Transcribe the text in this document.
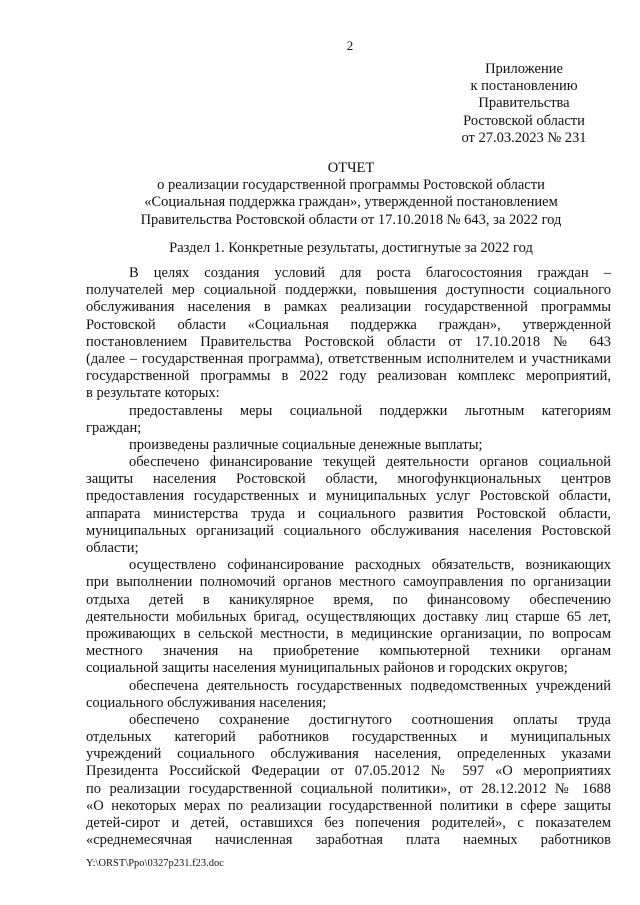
2
Приложение
к постановлению
Правительства
Ростовской области
от 27.03.2023 № 231
ОТЧЕТ
о реализации государственной программы Ростовской области
«Социальная поддержка граждан», утвержденной постановлением
Правительства Ростовской области от 17.10.2018 № 643, за 2022 год
Раздел 1. Конкретные результаты, достигнутые за 2022 год
В целях создания условий для роста благосостояния граждан –
получателей мер социальной поддержки, повышения доступности социального
обслуживания населения в рамках реализации государственной программы
Ростовской области «Социальная поддержка граждан», утвержденной
постановлением Правительства Ростовской области от 17.10.2018 № 643
(далее – государственная программа), ответственным исполнителем и участниками
государственной программы в 2022 году реализован комплекс мероприятий,
в результате которых:
предоставлены меры социальной поддержки льготным категориям
граждан;
произведены различные социальные денежные выплаты;
обеспечено финансирование текущей деятельности органов социальной
защиты населения Ростовской области, многофункциональных центров
предоставления государственных и муниципальных услуг Ростовской области,
аппарата министерства труда и социального развития Ростовской области,
муниципальных организаций социального обслуживания населения Ростовской
области;
осуществлено софинансирование расходных обязательств, возникающих
при выполнении полномочий органов местного самоуправления по организации
отдыха детей в каникулярное время, по финансовому обеспечению
деятельности мобильных бригад, осуществляющих доставку лиц старше 65 лет,
проживающих в сельской местности, в медицинские организации, по вопросам
местного значения на приобретение компьютерной техники органам
социальной защиты населения муниципальных районов и городских округов;
обеспечена деятельность государственных подведомственных учреждений
социального обслуживания населения;
обеспечено сохранение достигнутого соотношения оплаты труда
отдельных категорий работников государственных и муниципальных
учреждений социального обслуживания населения, определенных указами
Президента Российской Федерации от 07.05.2012 № 597 «О мероприятиях
по реализации государственной социальной политики», от 28.12.2012 № 1688
«О некоторых мерах по реализации государственной политики в сфере защиты
детей-сирот и детей, оставшихся без попечения родителей», с показателем
«среднемесячная начисленная заработная плата наемных работников
Y:\ORST\Ppo\0327p231.f23.doc
